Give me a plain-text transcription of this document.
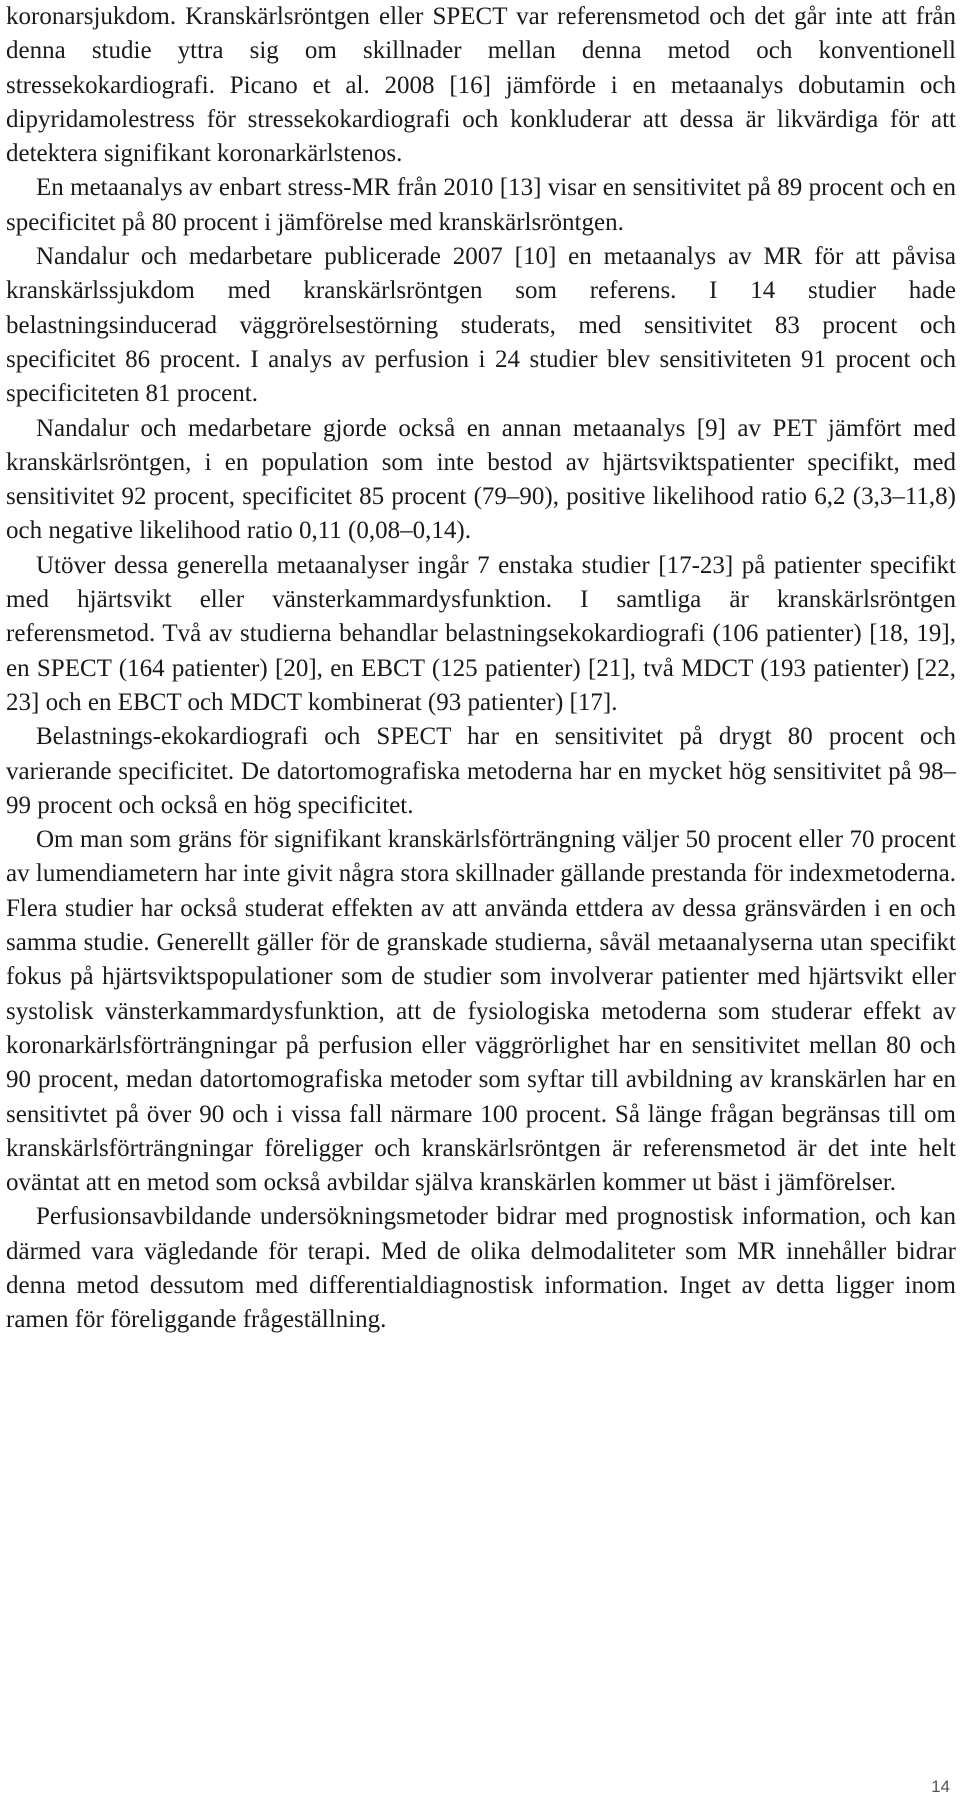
koronarsjukdom. Kranskärlsröntgen eller SPECT var referensmetod och det går inte att från denna studie yttra sig om skillnader mellan denna metod och konventionell stressekokardiografi. Picano et al. 2008 [16] jämförde i en metaanalys dobutamin och dipyridamolestress för stressekokardiografi och konkluderar att dessa är likvärdiga för att detektera signifikant koronarkärlstenos.

En metaanalys av enbart stress-MR från 2010 [13] visar en sensitivitet på 89 procent och en specificitet på 80 procent i jämförelse med kranskärlsröntgen.

Nandalur och medarbetare publicerade 2007 [10] en metaanalys av MR för att påvisa kranskärlssjukdom med kranskärlsröntgen som referens. I 14 studier hade belastningsinducerad väggrörelsestörning studerats, med sensitivitet 83 procent och specificitet 86 procent. I analys av perfusion i 24 studier blev sensitiviteten 91 procent och specificiteten 81 procent.

Nandalur och medarbetare gjorde också en annan metaanalys [9] av PET jämfört med kranskärlsröntgen, i en population som inte bestod av hjärtsviktspatienter specifikt, med sensitivitet 92 procent, specificitet 85 procent (79–90), positive likelihood ratio 6,2 (3,3–11,8) och negative likelihood ratio 0,11 (0,08–0,14).

Utöver dessa generella metaanalyser ingår 7 enstaka studier [17-23] på patienter specifikt med hjärtsvikt eller vänsterkammardysfunktion. I samtliga är kranskärlsröntgen referensmetod. Två av studierna behandlar belastningsekokardiografi (106 patienter) [18, 19], en SPECT (164 patienter) [20], en EBCT (125 patienter) [21], två MDCT (193 patienter) [22, 23] och en EBCT och MDCT kombinerat (93 patienter) [17].

Belastnings-ekokardiografi och SPECT har en sensitivitet på drygt 80 procent och varierande specificitet. De datortomografiska metoderna har en mycket hög sensitivitet på 98–99 procent och också en hög specificitet.

Om man som gräns för signifikant kranskärlsförträngning väljer 50 procent eller 70 procent av lumendiametern har inte givit några stora skillnader gällande prestanda för indexmetoderna. Flera studier har också studerat effekten av att använda ettdera av dessa gränsvärden i en och samma studie. Generellt gäller för de granskade studierna, såväl metaanalyserna utan specifikt fokus på hjärtsviktspopulationer som de studier som involverar patienter med hjärtsvikt eller systolisk vänsterkammardysfunktion, att de fysiologiska metoderna som studerar effekt av koronarkärlsförträngningar på perfusion eller väggrörlighet har en sensitivitet mellan 80 och 90 procent, medan datortomografiska metoder som syftar till avbildning av kranskärlen har en sensitivtet på över 90 och i vissa fall närmare 100 procent. Så länge frågan begränsas till om kranskärlsförträngningar föreligger och kranskärlsröntgen är referensmetod är det inte helt oväntat att en metod som också avbildar själva kranskärlen kommer ut bäst i jämförelser.

Perfusionsavbildande undersökningsmetoder bidrar med prognostisk information, och kan därmed vara vägledande för terapi. Med de olika delmodaliteter som MR innehåller bidrar denna metod dessutom med differentialdiagnostisk information. Inget av detta ligger inom ramen för föreliggande frågeställning.

14
